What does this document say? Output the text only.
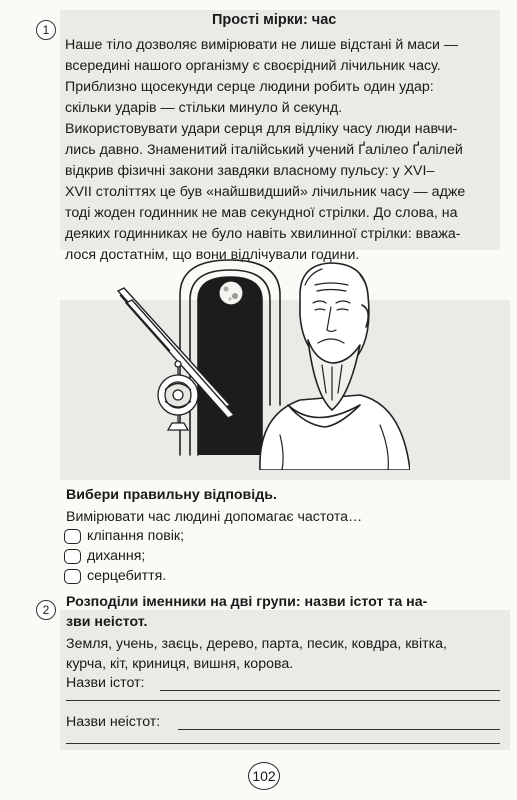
1
Прості мірки: час

Наше тіло дозволяє вимірювати не лише відстані й маси —

всередині нашого організму є своєрідний лічильник часу.

Приблизно щосекунди серце людини робить один удар:

скільки ударів — стільки минуло й секунд.

Використовувати удари серця для відліку часу люди навчи-

лись давно. Знаменитий італійський учений Ґалілео Ґалілей

відкрив фізичні закони завдяки власному пульсу: у XVI–

XVII століттях це був «найшвидший» лічильник часу — адже

тоді жоден годинник не мав секундної стрілки. До слова, на

деяких годинниках не було навіть хвилинної стрілки: вважа-

лося достатнім, що вони відлічували години.

Вибери правильну відповідь.
Вимірювати час людині допомагає частота…
кліпання повік;
дихання;
серцебиття.
2	Розподіли іменники на дві групи: назви істот та на-
зви неістот.
Земля, учень, заєць, дерево, парта, песик, ковдра, квітка,
курча, кіт, криниця, вишня, корова.
Назви істот:
Назви неістот:
102
